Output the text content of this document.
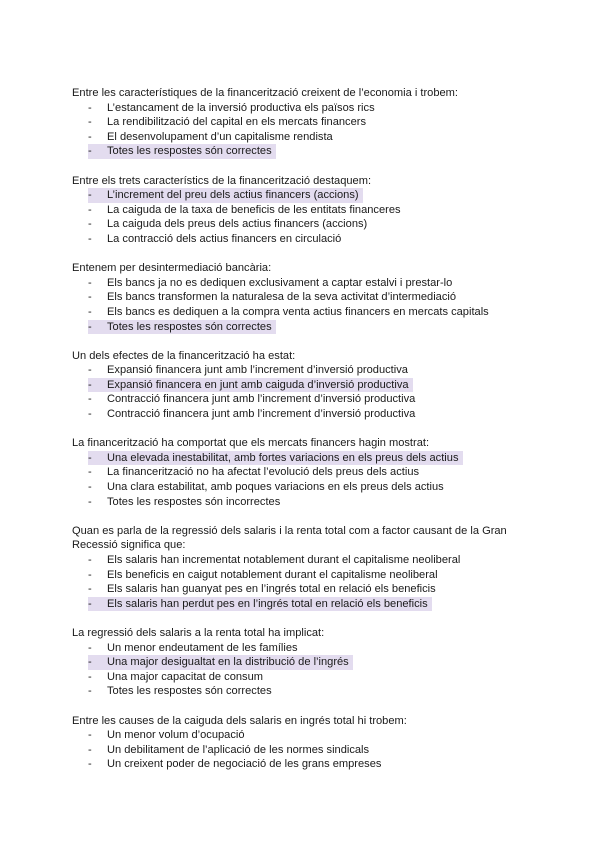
Entre les característiques de la financerització creixent de l’economia i trobem:

- L’estancament de la inversió productiva els països rics
- La rendibilització del capital en els mercats financers
- El desenvolupament d’un capitalisme rendista
- Totes les respostes són correctes

Entre els trets característics de la financerització destaquem:

- L’increment del preu dels actius financers (accions)
- La caiguda de la taxa de beneficis de les entitats financeres
- La caiguda dels preus dels actius financers (accions)
- La contracció dels actius financers en circulació

Entenem per desintermediació bancària:

- Els bancs ja no es dediquen exclusivament a captar estalvi i prestar-lo
- Els bancs transformen la naturalesa de la seva activitat d’intermediació
- Els bancs es dediquen a la compra venta actius financers en mercats capitals
- Totes les respostes són correctes

Un dels efectes de la financerització ha estat:

- Expansió financera junt amb l’increment d’inversió productiva
- Expansió financera en junt amb caiguda d’inversió productiva
- Contracció financera junt amb l’increment d’inversió productiva
- Contracció financera junt amb l’increment d’inversió productiva

La financerització ha comportat que els mercats financers hagin mostrat:

- Una elevada inestabilitat, amb fortes variacions en els preus dels actius
- La financerització no ha afectat l’evolució dels preus dels actius
- Una clara estabilitat, amb poques variacions en els preus dels actius
- Totes les respostes són incorrectes

Quan es parla de la regressió dels salaris i la renta total com a factor causant de la Gran Recessió significa que:

- Els salaris han incrementat notablement durant el capitalisme neoliberal
- Els beneficis en caigut notablement durant el capitalisme neoliberal
- Els salaris han guanyat pes en l’ingrés total en relació els beneficis
- Els salaris han perdut pes en l’ingrés total en relació els beneficis

La regressió dels salaris a la renta total ha implicat:

- Un menor endeutament de les famílies
- Una major desigualtat en la distribució de l’ingrés
- Una major capacitat de consum
- Totes les respostes són correctes

Entre les causes de la caiguda dels salaris en ingrés total hi trobem:

- Un menor volum d’ocupació
- Un debilitament de l’aplicació de les normes sindicals
- Un creixent poder de negociació de les grans empreses
